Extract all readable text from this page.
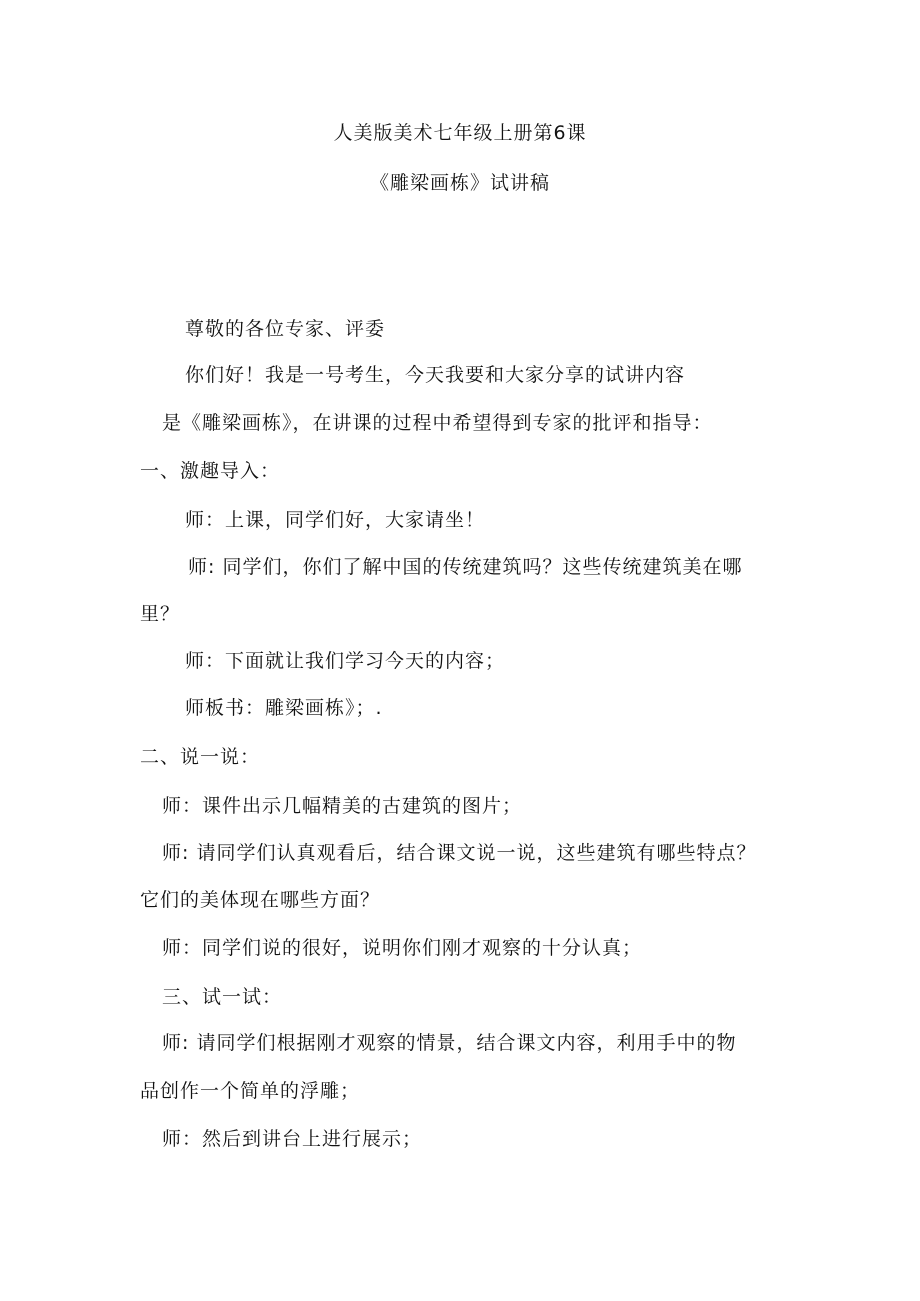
人美版美术七年级上册第6课
《雕梁画栋》试讲稿
尊敬的各位专家、评委
你们好！我是一号考生，今天我要和大家分享的试讲内容
是《雕梁画栋》，在讲课的过程中希望得到专家的批评和指导：
一、激趣导入：
师：上课，同学们好，大家请坐！
师: 同学们，你们了解中国的传统建筑吗？这些传统建筑美在哪
里？
师：下面就让我们学习今天的内容；
师板书：雕梁画栋》；.
二、说一说：
师：课件出示几幅精美的古建筑的图片；
师: 请同学们认真观看后，结合课文说一说，这些建筑有哪些特点？
它们的美体现在哪些方面？
师：同学们说的很好，说明你们刚才观察的十分认真；
三、试一试：
师: 请同学们根据刚才观察的情景，结合课文内容，利用手中的物
品创作一个简单的浮雕；
师：然后到讲台上进行展示；
